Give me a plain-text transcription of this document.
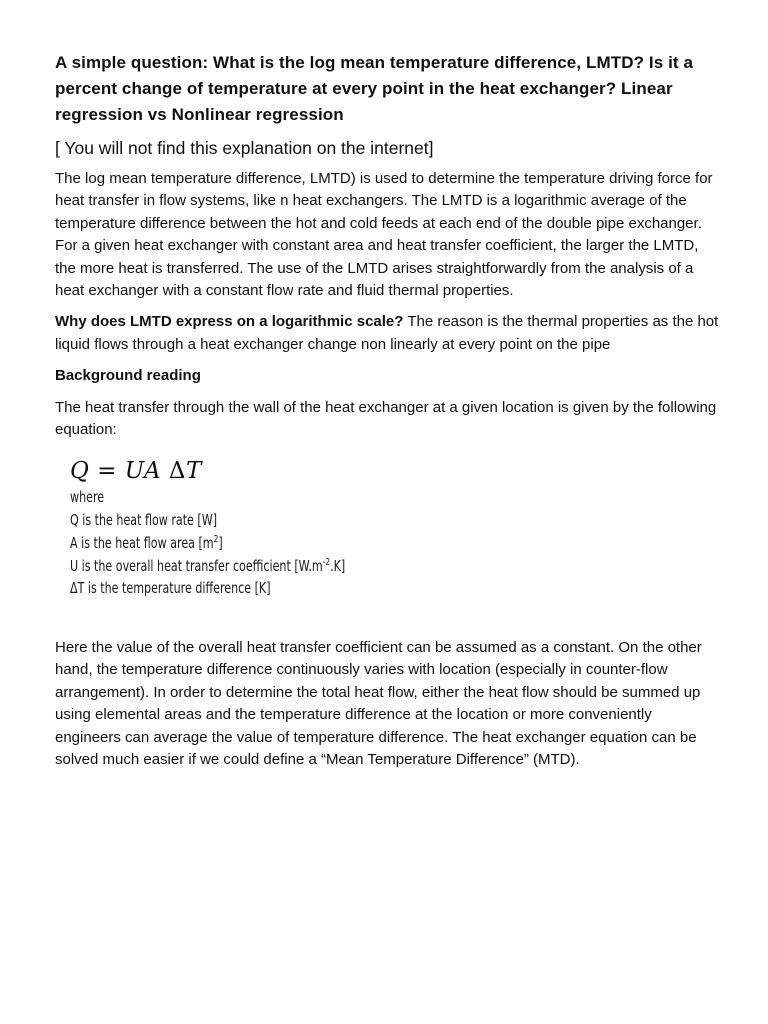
A simple question: What is the log mean temperature difference, LMTD? Is it a percent change of temperature at every point in the heat exchanger? Linear regression vs Nonlinear regression
[ You will not find this explanation on the internet]

The log mean temperature difference, LMTD) is used to determine the temperature driving force for heat transfer in flow systems, like n heat exchangers. The LMTD is a logarithmic average of the temperature difference between the hot and cold feeds at each end of the double pipe exchanger. For a given heat exchanger with constant area and heat transfer coefficient, the larger the LMTD, the more heat is transferred. The use of the LMTD arises straightforwardly from the analysis of a heat exchanger with a constant flow rate and fluid thermal properties.

Why does LMTD express on a logarithmic scale? The reason is the thermal properties as the hot liquid flows through a heat exchanger change non linearly at every point on the pipe

Background reading

The heat transfer through the wall of the heat exchanger at a given location is given by the following equation:

Q = UA ΔT
where
Q is the heat flow rate [W]
A is the heat flow area $[m^2]$
U is the overall heat transfer coefficient $[W.m^{-2}.K]$
ΔT is the temperature difference [K]

Here the value of the overall heat transfer coefficient can be assumed as a constant. On the other hand, the temperature difference continuously varies with location (especially in counter-flow arrangement). In order to determine the total heat flow, either the heat flow should be summed up using elemental areas and the temperature difference at the location or more conveniently engineers can average the value of temperature difference. The heat exchanger equation can be solved much easier if we could define a “Mean Temperature Difference” (MTD).
